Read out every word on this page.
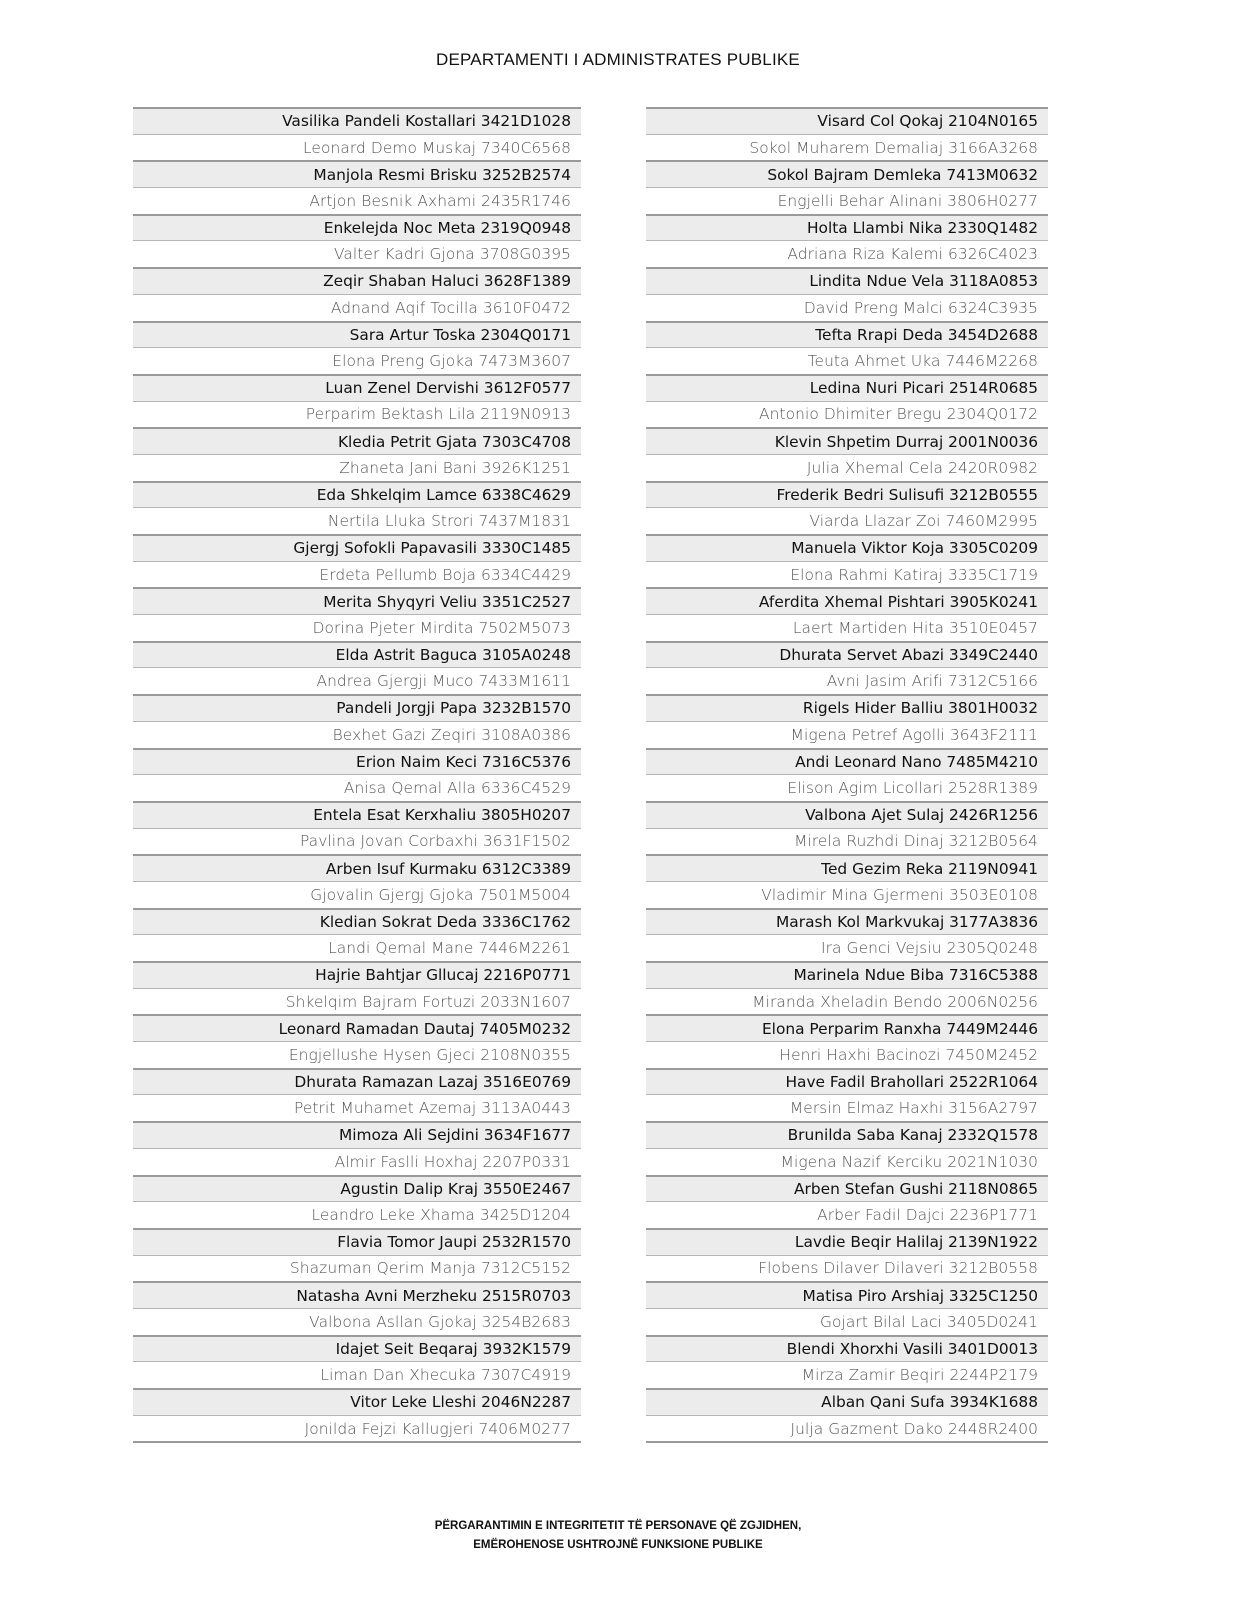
DEPARTAMENTI I ADMINISTRATES PUBLIKE
Vasilika Pandeli Kostallari 3421D1028
Leonard Demo Muskaj 7340C6568
Manjola Resmi Brisku 3252B2574
Artjon Besnik Axhami 2435R1746
Enkelejda Noc Meta 2319Q0948
Valter Kadri Gjona 3708G0395
Zeqir Shaban Haluci 3628F1389
Adnand Aqif Tocilla 3610F0472
Sara Artur Toska 2304Q0171
Elona Preng Gjoka 7473M3607
Luan Zenel Dervishi 3612F0577
Perparim Bektash Lila 2119N0913
Kledia Petrit Gjata 7303C4708
Zhaneta Jani Bani 3926K1251
Eda Shkelqim Lamce 6338C4629
Nertila Lluka Strori 7437M1831
Gjergj Sofokli Papavasili 3330C1485
Erdeta Pellumb Boja 6334C4429
Merita Shyqyri Veliu 3351C2527
Dorina Pjeter Mirdita 7502M5073
Elda Astrit Baguca 3105A0248
Andrea Gjergji Muco 7433M1611
Pandeli Jorgji Papa 3232B1570
Bexhet Gazi Zeqiri 3108A0386
Erion Naim Keci 7316C5376
Anisa Qemal Alla 6336C4529
Entela Esat Kerxhaliu 3805H0207
Pavlina Jovan Corbaxhi 3631F1502
Arben Isuf Kurmaku 6312C3389
Gjovalin Gjergj Gjoka 7501M5004
Kledian Sokrat Deda 3336C1762
Landi Qemal Mane 7446M2261
Hajrie Bahtjar Gllucaj 2216P0771
Shkelqim Bajram Fortuzi 2033N1607
Leonard Ramadan Dautaj 7405M0232
Engjellushe Hysen Gjeci 2108N0355
Dhurata Ramazan Lazaj 3516E0769
Petrit Muhamet Azemaj 3113A0443
Mimoza Ali Sejdini 3634F1677
Almir Faslli Hoxhaj 2207P0331
Agustin Dalip Kraj 3550E2467
Leandro Leke Xhama 3425D1204
Flavia Tomor Jaupi 2532R1570
Shazuman Qerim Manja 7312C5152
Natasha Avni Merzheku 2515R0703
Valbona Asllan Gjokaj 3254B2683
Idajet Seit Beqaraj 3932K1579
Liman Dan Xhecuka 7307C4919
Vitor Leke Lleshi 2046N2287
Jonilda Fejzi Kallugjeri 7406M0277
Visard Col Qokaj 2104N0165
Sokol Muharem Demaliaj 3166A3268
Sokol Bajram Demleka 7413M0632
Engjelli Behar Alinani 3806H0277
Holta Llambi Nika 2330Q1482
Adriana Riza Kalemi 6326C4023
Lindita Ndue Vela 3118A0853
David Preng Malci 6324C3935
Tefta Rrapi Deda 3454D2688
Teuta Ahmet Uka 7446M2268
Ledina Nuri Picari 2514R0685
Antonio Dhimiter Bregu 2304Q0172
Klevin Shpetim Durraj 2001N0036
Julia Xhemal Cela 2420R0982
Frederik Bedri Sulisufi 3212B0555
Viarda Llazar Zoi 7460M2995
Manuela Viktor Koja 3305C0209
Elona Rahmi Katiraj 3335C1719
Aferdita Xhemal Pishtari 3905K0241
Laert Martiden Hita 3510E0457
Dhurata Servet Abazi 3349C2440
Avni Jasim Arifi 7312C5166
Rigels Hider Balliu 3801H0032
Migena Petref Agolli 3643F2111
Andi Leonard Nano 7485M4210
Elison Agim Licollari 2528R1389
Valbona Ajet Sulaj 2426R1256
Mirela Ruzhdi Dinaj 3212B0564
Ted Gezim Reka 2119N0941
Vladimir Mina Gjermeni 3503E0108
Marash Kol Markvukaj 3177A3836
Ira Genci Vejsiu 2305Q0248
Marinela Ndue Biba 7316C5388
Miranda Xheladin Bendo 2006N0256
Elona Perparim Ranxha 7449M2446
Henri Haxhi Bacinozi 7450M2452
Have Fadil Brahollari 2522R1064
Mersin Elmaz Haxhi 3156A2797
Brunilda Saba Kanaj 2332Q1578
Migena Nazif Kerciku 2021N1030
Arben Stefan Gushi 2118N0865
Arber Fadil Dajci 2236P1771
Lavdie Beqir Halilaj 2139N1922
Flobens Dilaver Dilaveri 3212B0558
Matisa Piro Arshiaj 3325C1250
Gojart Bilal Laci 3405D0241
Blendi Xhorxhi Vasili 3401D0013
Mirza Zamir Beqiri 2244P2179
Alban Qani Sufa 3934K1688
Julja Gazment Dako 2448R2400
PËRGARANTIMIN E INTEGRITETIT TË PERSONAVE QË ZGJIDHEN,
EMËROHENOSE USHTROJNË FUNKSIONE PUBLIKE
